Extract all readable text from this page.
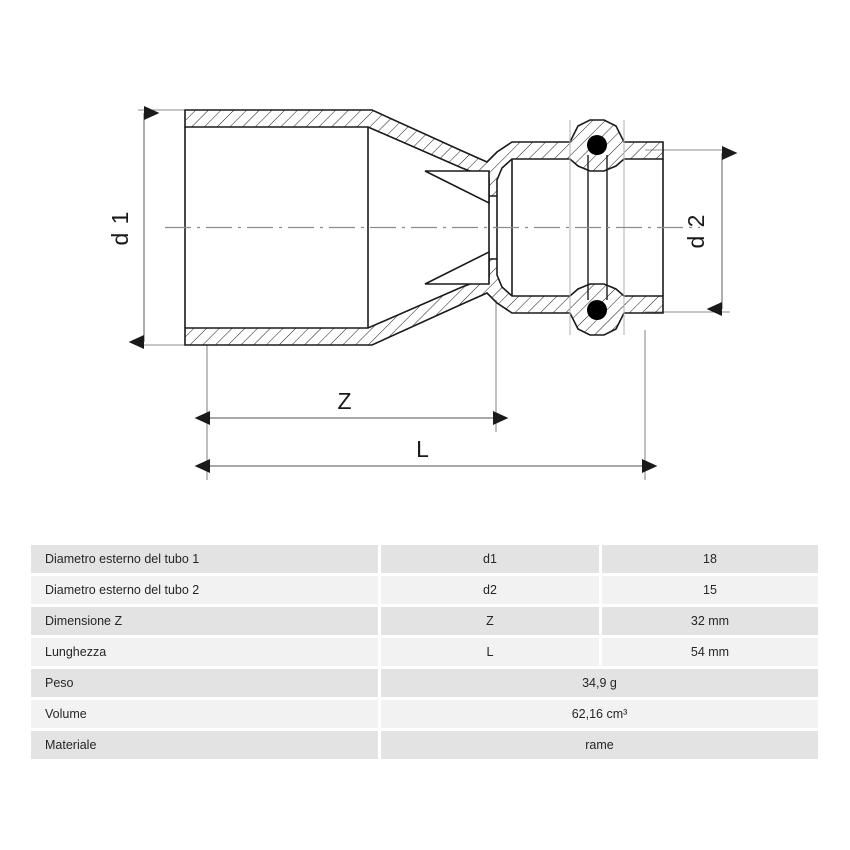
d 1	d 2
Z
L
Diametro esterno del tubo 1	d1	18
Diametro esterno del tubo 2	d2	15
Dimensione Z	Z	32 mm
Lunghezza	L	54 mm
Peso	34,9 g
Volume	62,16 cm³
Materiale	rame
